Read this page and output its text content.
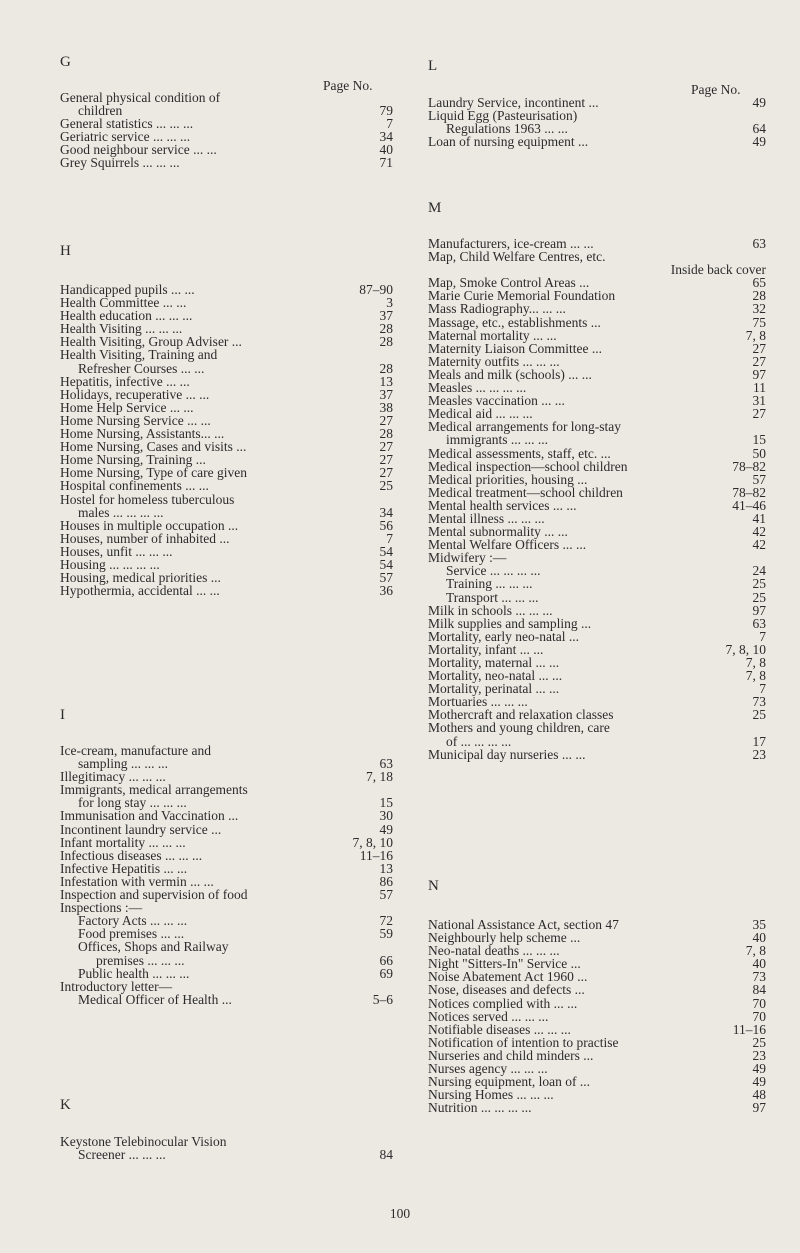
G
Page No.
General physical condition of
children	79
General statistics ... ... ...	7
Geriatric service ... ... ...	34
Good neighbour service ... ...	40
Grey Squirrels ... ... ...	71
H
Handicapped pupils ... ...	87–90
Health Committee ... ...	3
Health education ... ... ...	37
Health Visiting ... ... ...	28
Health Visiting, Group Adviser ...	28
Health Visiting, Training and
Refresher Courses ... ...	28
Hepatitis, infective ... ...	13
Holidays, recuperative ... ...	37
Home Help Service ... ...	38
Home Nursing Service ... ...	27
Home Nursing, Assistants... ...	28
Home Nursing, Cases and visits ...	27
Home Nursing, Training ...	27
Home Nursing, Type of care given	27
Hospital confinements ... ...	25
Hostel for homeless tuberculous
males ... ... ... ...	34
Houses in multiple occupation ...	56
Houses, number of inhabited ...	7
Houses, unfit ... ... ...	54
Housing ... ... ... ...	54
Housing, medical priorities ...	57
Hypothermia, accidental ... ...	36
I
Ice-cream, manufacture and
sampling ... ... ...	63
Illegitimacy ... ... ...	7, 18
Immigrants, medical arrangements
for long stay ... ... ...	15
Immunisation and Vaccination ...	30
Incontinent laundry service ...	49
Infant mortality ... ... ...	7, 8, 10
Infectious diseases ... ... ...	11–16
Infective Hepatitis ... ...	13
Infestation with vermin ... ...	86
Inspection and supervision of food	57
Inspections :—
Factory Acts ... ... ...	72
Food premises ... ...	59
Offices, Shops and Railway
premises ... ... ...	66
Public health ... ... ...	69
Introductory letter—
Medical Officer of Health ...	5–6
K
Keystone Telebinocular Vision
Screener ... ... ...	84
L
Page No.
Laundry Service, incontinent ...	49
Liquid Egg (Pasteurisation)
Regulations 1963 ... ...	64
Loan of nursing equipment ...	49
M
Manufacturers, ice-cream ... ...	63
Map, Child Welfare Centres, etc.
Inside back cover
Map, Smoke Control Areas ...	65
Marie Curie Memorial Foundation	28
Mass Radiography... ... ...	32
Massage, etc., establishments ...	75
Maternal mortality ... ...	7, 8
Maternity Liaison Committee ...	27
Maternity outfits ... ... ...	27
Meals and milk (schools) ... ...	97
Measles ... ... ... ...	11
Measles vaccination ... ...	31
Medical aid ... ... ...	27
Medical arrangements for long-stay
immigrants ... ... ...	15
Medical assessments, staff, etc. ...	50
Medical inspection—school children	78–82
Medical priorities, housing ...	57
Medical treatment—school children	78–82
Mental health services ... ...	41–46
Mental illness ... ... ...	41
Mental subnormality ... ...	42
Mental Welfare Officers ... ...	42
Midwifery :—
Service ... ... ... ...	24
Training ... ... ...	25
Transport ... ... ...	25
Milk in schools ... ... ...	97
Milk supplies and sampling ...	63
Mortality, early neo-natal ...	7
Mortality, infant ... ...	7, 8, 10
Mortality, maternal ... ...	7, 8
Mortality, neo-natal ... ...	7, 8
Mortality, perinatal ... ...	7
Mortuaries ... ... ...	73
Mothercraft and relaxation classes	25
Mothers and young children, care
of ... ... ... ...	17
Municipal day nurseries ... ...	23
N
National Assistance Act, section 47	35
Neighbourly help scheme ...	40
Neo-natal deaths ... ... ...	7, 8
Night "Sitters-In" Service ...	40
Noise Abatement Act 1960 ...	73
Nose, diseases and defects ...	84
Notices complied with ... ...	70
Notices served ... ... ...	70
Notifiable diseases ... ... ...	11–16
Notification of intention to practise	25
Nurseries and child minders ...	23
Nurses agency ... ... ...	49
Nursing equipment, loan of ...	49
Nursing Homes ... ... ...	48
Nutrition ... ... ... ...	97
100
